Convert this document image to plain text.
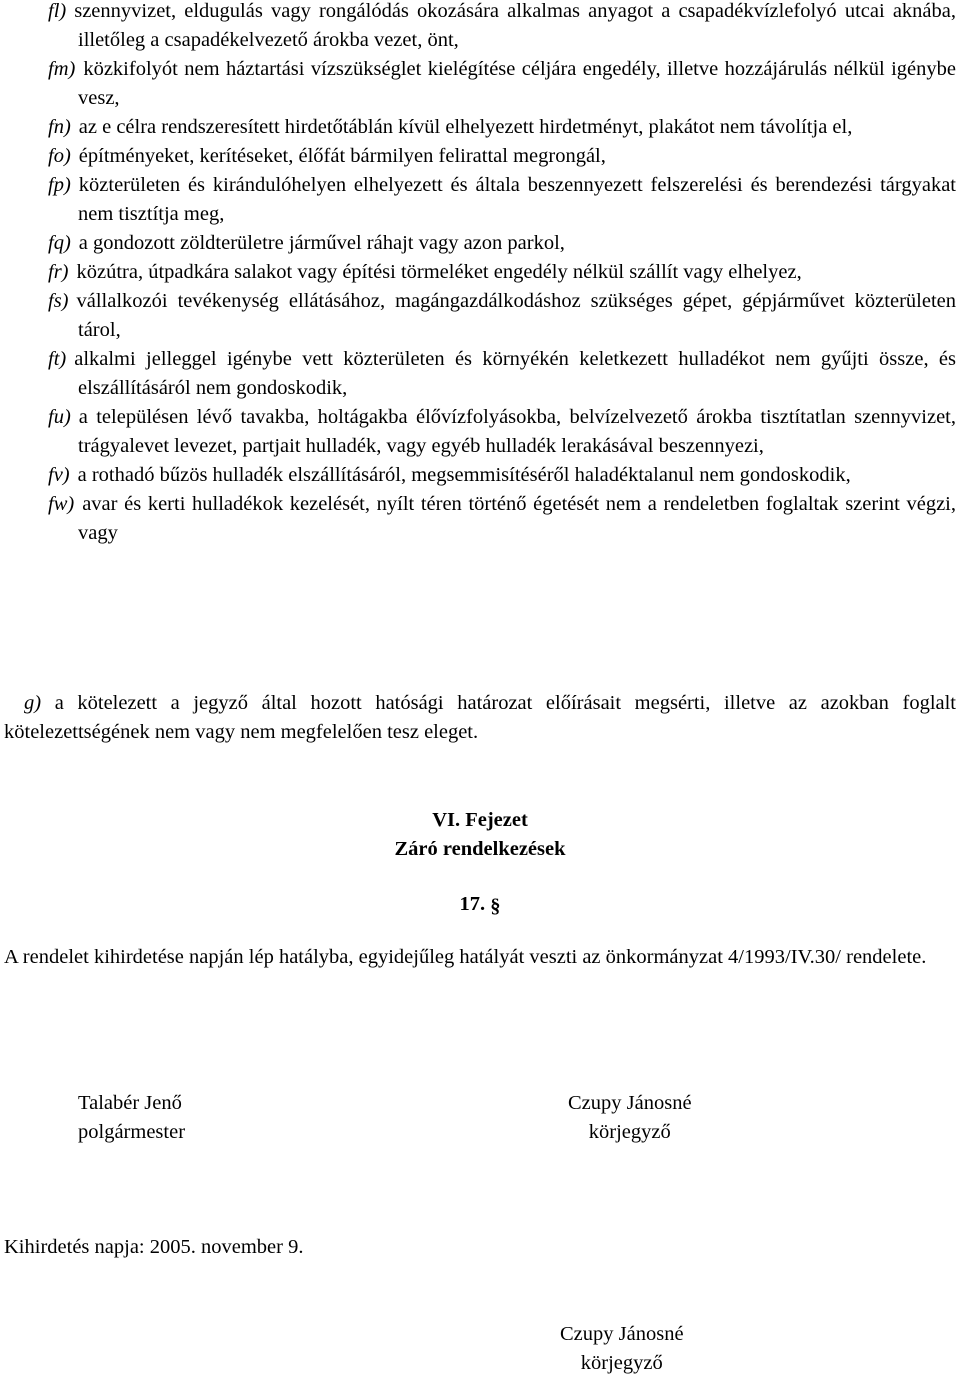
fl) szennyvizet, eldugulás vagy rongálódás okozására alkalmas anyagot a csapadékvízlefolyó utcai aknába, illetőleg a csapadékelvezető árokba vezet, önt,
fm) közkifolyót nem háztartási vízszükséglet kielégítése céljára engedély, illetve hozzájárulás nélkül igénybe vesz,
fn) az e célra rendszeresített hirdetőtáblán kívül elhelyezett hirdetményt, plakátot nem távolítja el,
fo) építményeket, kerítéseket, élőfát bármilyen felirattal megrongál,
fp) közterületen és kirándulóhelyen elhelyezett és általa beszennyezett felszerelési és berendezési tárgyakat nem tisztítja meg,
fq) a gondozott zöldterületre járművel ráhajt vagy azon parkol,
fr) közútra, útpadkára salakot vagy építési törmeléket engedély nélkül szállít vagy elhelyez,
fs) vállalkozói tevékenység ellátásához, magángazdálkodáshoz szükséges gépet, gépjárművet közterületen tárol,
ft) alkalmi jelleggel igénybe vett közterületen és környékén keletkezett hulladékot nem gyűjti össze, és elszállításáról nem gondoskodik,
fu) a településen lévő tavakba, holtágakba élővízfolyásokba, belvízelvezető árokba tisztítatlan szennyvizet, trágyalevet levezet, partjait hulladék, vagy egyéb hulladék lerakásával beszennyezi,
fv) a rothadó bűzös hulladék elszállításáról, megsemmisítéséről haladéktalanul nem gondoskodik,
fw) avar és kerti hulladékok kezelését, nyílt téren történő égetését nem a rendeletben foglaltak szerint végzi, vagy
g) a kötelezett a jegyző által hozott hatósági határozat előírásait megsérti, illetve az azokban foglalt kötelezettségének nem vagy nem megfelelően tesz eleget.
VI. Fejezet
Záró rendelkezések
17. §
A rendelet kihirdetése napján lép hatályba, egyidejűleg hatályát veszti az önkormányzat 4/1993/IV.30/ rendelete.
Talabér Jenő
polgármester
Czupy Jánosné
körjegyző
Kihirdetés napja: 2005. november 9.
Czupy Jánosné
körjegyző
